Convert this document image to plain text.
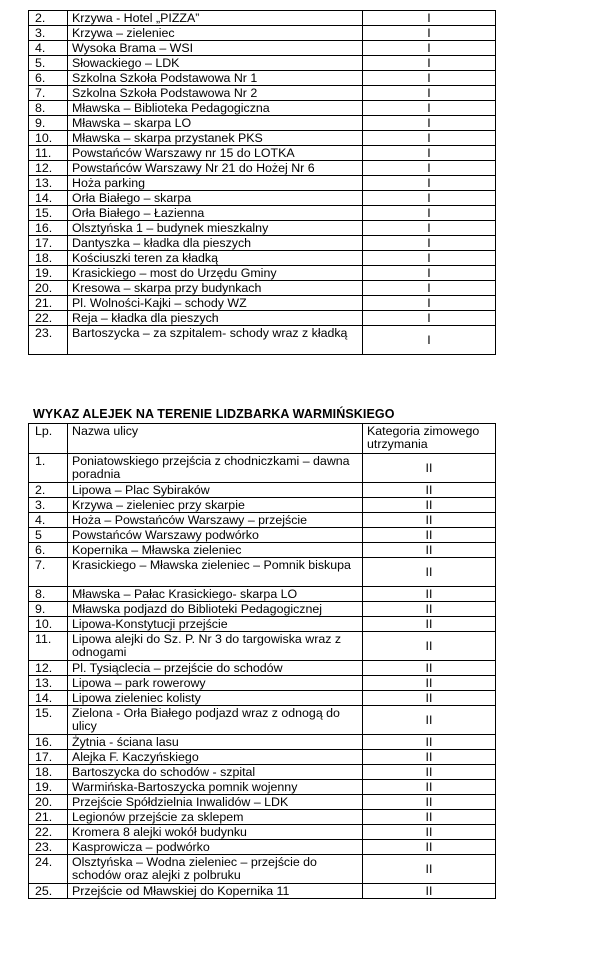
2.	Krzywa - Hotel „PIZZA”	I
3.	Krzywa – zieleniec	I
4.	Wysoka Brama – WSI	I
5.	Słowackiego – LDK	I
6.	Szkolna Szkoła Podstawowa Nr 1	I
7.	Szkolna Szkoła Podstawowa Nr 2	I
8.	Mławska – Biblioteka Pedagogiczna	I
9.	Mławska – skarpa LO	I
10.	Mławska – skarpa przystanek PKS	I
11.	Powstańców Warszawy nr 15 do LOTKA	I
12.	Powstańców Warszawy Nr 21 do Hożej Nr 6	I
13.	Hoża parking	I
14.	Orła Białego – skarpa	I
15.	Orła Białego – Łazienna	I
16.	Olsztyńska 1 – budynek mieszkalny	I
17.	Dantyszka – kładka dla pieszych	I
18.	Kościuszki teren za kładką	I
19.	Krasickiego – most do Urzędu Gminy	I
20.	Kresowa – skarpa przy budynkach	I
21.	Pl. Wolności-Kajki – schody WZ	I
22.	Reja – kładka dla pieszych	I
23.	Bartoszycka – za szpitalem- schody wraz z kładką	I

WYKAZ ALEJEK NA TERENIE LIDZBARKA WARMIŃSKIEGO

Lp.	Nazwa ulicy	Kategoria zimowego utrzymania
1.	Poniatowskiego przejścia z chodniczkami – dawna poradnia	II
2.	Lipowa – Plac Sybiraków	II
3.	Krzywa – zieleniec przy skarpie	II
4.	Hoża – Powstańców Warszawy – przejście	II
5	Powstańców Warszawy podwórko	II
6.	Kopernika – Mławska zieleniec	II
7.	Krasickiego – Mławska zieleniec – Pomnik biskupa	II
8.	Mławska – Pałac Krasickiego- skarpa LO	II
9.	Mławska podjazd do Biblioteki Pedagogicznej	II
10.	Lipowa-Konstytucji przejście	II
11.	Lipowa alejki do Sz. P. Nr 3 do targowiska wraz z odnogami	II
12.	Pl. Tysiąclecia – przejście do schodów	II
13.	Lipowa – park rowerowy	II
14.	Lipowa zieleniec kolisty	II
15.	Zielona - Orła Białego podjazd wraz z odnogą do ulicy	II
16.	Żytnia - ściana lasu	II
17.	Alejka F. Kaczyńskiego	II
18.	Bartoszycka do schodów - szpital	II
19.	Warmińska-Bartoszycka pomnik wojenny	II
20.	Przejście Spółdzielnia Inwalidów – LDK	II
21.	Legionów przejście za sklepem	II
22.	Kromera 8 alejki wokół budynku	II
23.	Kasprowicza – podwórko	II
24.	Olsztyńska – Wodna zieleniec – przejście do schodów oraz alejki z polbruku	II
25.	Przejście od Mławskiej do Kopernika 11	II
